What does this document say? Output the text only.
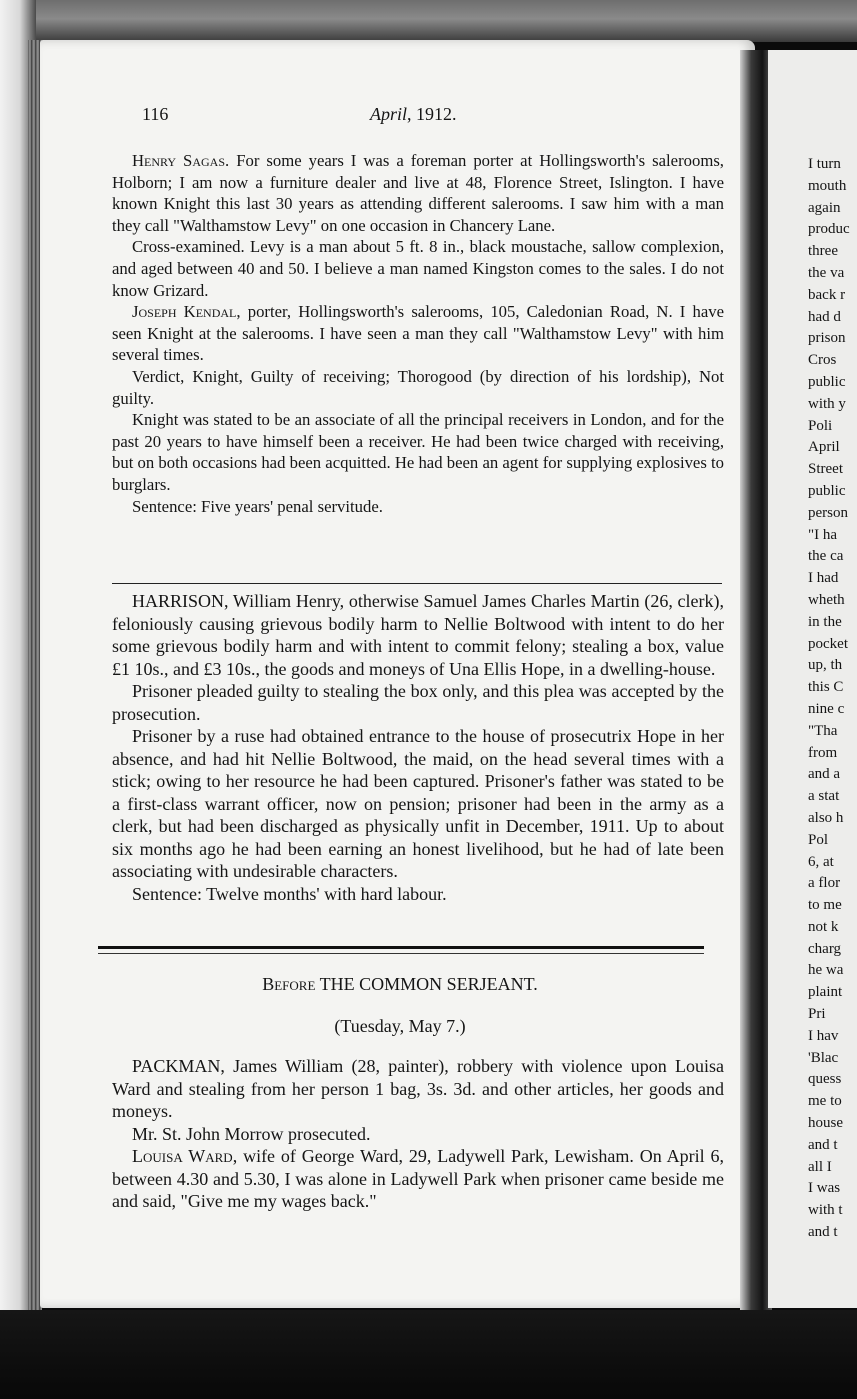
I turn
mouth
again
produc
three
the va
back r
had d
prison
Cros
public
with y
Poli
April
Street
public
person
"I ha
the ca
I had
wheth
in the
pocket
up, th
this C
nine c
"Tha
from
and a
a stat
also h
Pol
6, at
a flor
to me
not k
charg
he wa
plaint
Pri
I hav
'Blac
quess
me to
house
and t
all I
I was
with t
and t
116	April, 1912.

Henry Sagas. For some years I was a foreman porter at Hollingsworth's salerooms, Holborn; I am now a furniture dealer and live at 48, Florence Street, Islington. I have known Knight this last 30 years as attending different salerooms. I saw him with a man they call "Walthamstow Levy" on one occasion in Chancery Lane.

Cross-examined. Levy is a man about 5 ft. 8 in., black moustache, sallow complexion, and aged between 40 and 50. I believe a man named Kingston comes to the sales. I do not know Grizard.

Joseph Kendal, porter, Hollingsworth's salerooms, 105, Caledonian Road, N. I have seen Knight at the salerooms. I have seen a man they call "Walthamstow Levy" with him several times.

Verdict, Knight, Guilty of receiving; Thorogood (by direction of his lordship), Not guilty.

Knight was stated to be an associate of all the principal receivers in London, and for the past 20 years to have himself been a receiver. He had been twice charged with receiving, but on both occasions had been acquitted. He had been an agent for supplying explosives to burglars.

Sentence: Five years' penal servitude.

HARRISON, William Henry, otherwise Samuel James Charles Martin (26, clerk), feloniously causing grievous bodily harm to Nellie Boltwood with intent to do her some grievous bodily harm and with intent to commit felony; stealing a box, value £1 10s., and £3 10s., the goods and moneys of Una Ellis Hope, in a dwelling-house.

Prisoner pleaded guilty to stealing the box only, and this plea was accepted by the prosecution.

Prisoner by a ruse had obtained entrance to the house of prosecutrix Hope in her absence, and had hit Nellie Boltwood, the maid, on the head several times with a stick; owing to her resource he had been captured. Prisoner's father was stated to be a first-class warrant officer, now on pension; prisoner had been in the army as a clerk, but had been discharged as physically unfit in December, 1911. Up to about six months ago he had been earning an honest livelihood, but he had of late been associating with undesirable characters.

Sentence: Twelve months' with hard labour.

Before THE COMMON SERJEANT.
(Tuesday, May 7.)

PACKMAN, James William (28, painter), robbery with violence upon Louisa Ward and stealing from her person 1 bag, 3s. 3d. and other articles, her goods and moneys.

Mr. St. John Morrow prosecuted.

Louisa Ward, wife of George Ward, 29, Ladywell Park, Lewisham. On April 6, between 4.30 and 5.30, I was alone in Ladywell Park when prisoner came beside me and said, "Give me my wages back."
